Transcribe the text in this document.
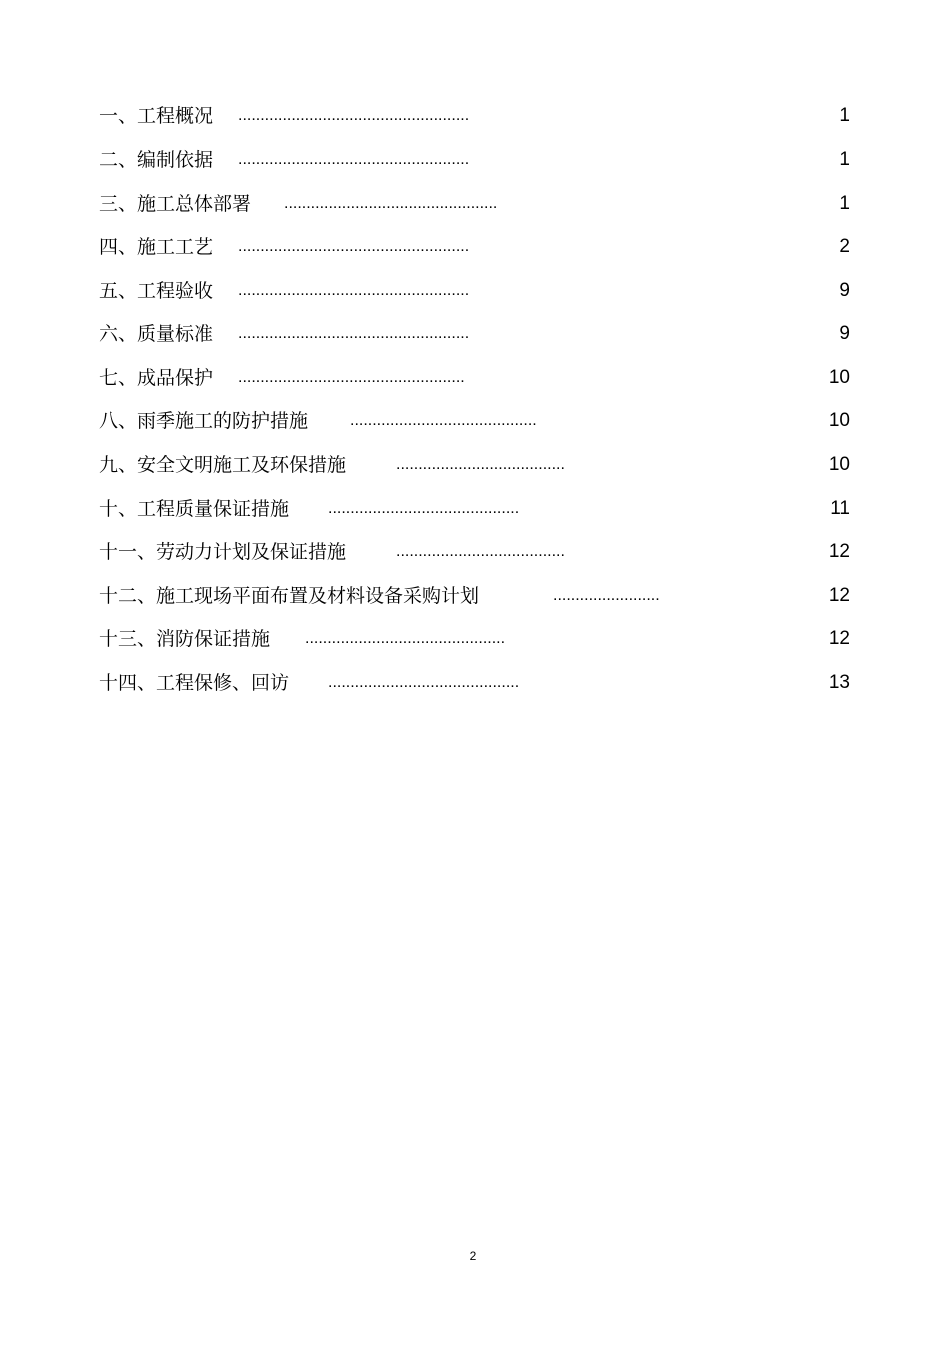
一、工程概况 ....................................................	1
二、编制依据 ....................................................	1
三、施工总体部署 ................................................	1
四、施工工艺 ....................................................	2
五、工程验收 ....................................................	9
六、质量标准 ....................................................	9
七、成品保护 ...................................................	10
八、雨季施工的防护措施	..........................................	10
九、安全文明施工及环保措施	......................................	10
十、工程质量保证措施 ...........................................	11
十一、劳动力计划及保证措施	......................................	12
十二、施工现场平面布置及材料设备采购计划	........................	12
十三、消防保证措施 .............................................	12
十四、工程保修、回访 ...........................................	13
2
